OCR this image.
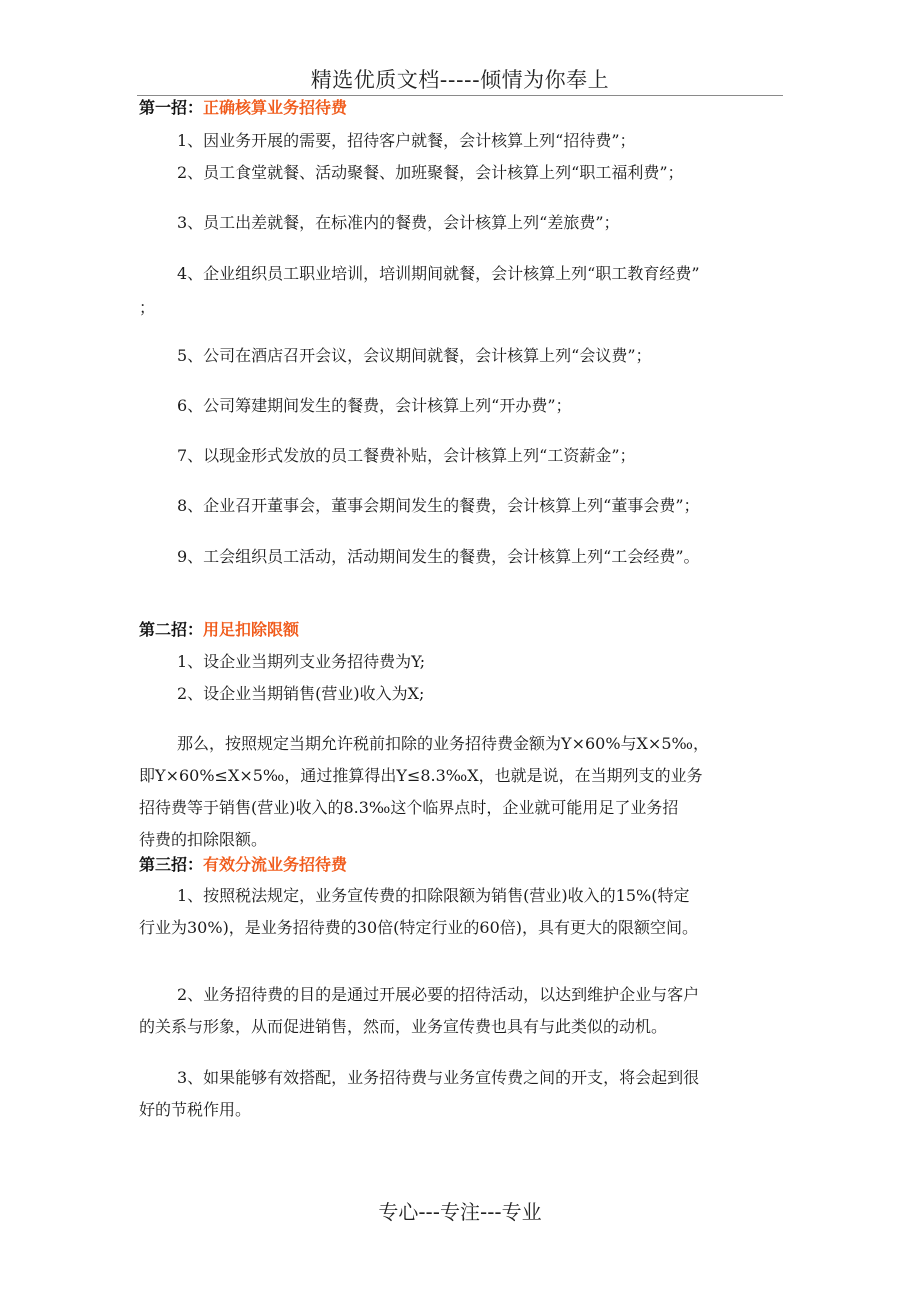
精选优质文档-----倾情为你奉上
第一招：正确核算业务招待费
1、因业务开展的需要，招待客户就餐，会计核算上列“招待费”；
2、员工食堂就餐、活动聚餐、加班聚餐，会计核算上列“职工福利费”；
3、员工出差就餐，在标准内的餐费，会计核算上列“差旅费”；
4、企业组织员工职业培训，培训期间就餐，会计核算上列“职工教育经费”
；
5、公司在酒店召开会议，会议期间就餐，会计核算上列“会议费”；
6、公司筹建期间发生的餐费，会计核算上列“开办费”；
7、以现金形式发放的员工餐费补贴，会计核算上列“工资薪金”；
8、企业召开董事会，董事会期间发生的餐费，会计核算上列“董事会费”；
9、工会组织员工活动，活动期间发生的餐费，会计核算上列“工会经费”。
第二招：用足扣除限额
1、设企业当期列支业务招待费为Y;
2、设企业当期销售(营业)收入为X;
那么，按照规定当期允许税前扣除的业务招待费金额为Y×60%与X×5‰，
即Y×60%≤X×5‰，通过推算得出Y≤8.3‰X，也就是说，在当期列支的业务
招待费等于销售(营业)收入的8.3‰这个临界点时，企业就可能用足了业务招
待费的扣除限额。
第三招：有效分流业务招待费
1、按照税法规定，业务宣传费的扣除限额为销售(营业)收入的15%(特定
行业为30%)，是业务招待费的30倍(特定行业的60倍)，具有更大的限额空间。
2、业务招待费的目的是通过开展必要的招待活动，以达到维护企业与客户
的关系与形象，从而促进销售，然而，业务宣传费也具有与此类似的动机。
3、如果能够有效搭配，业务招待费与业务宣传费之间的开支，将会起到很
好的节税作用。
专心---专注---专业
